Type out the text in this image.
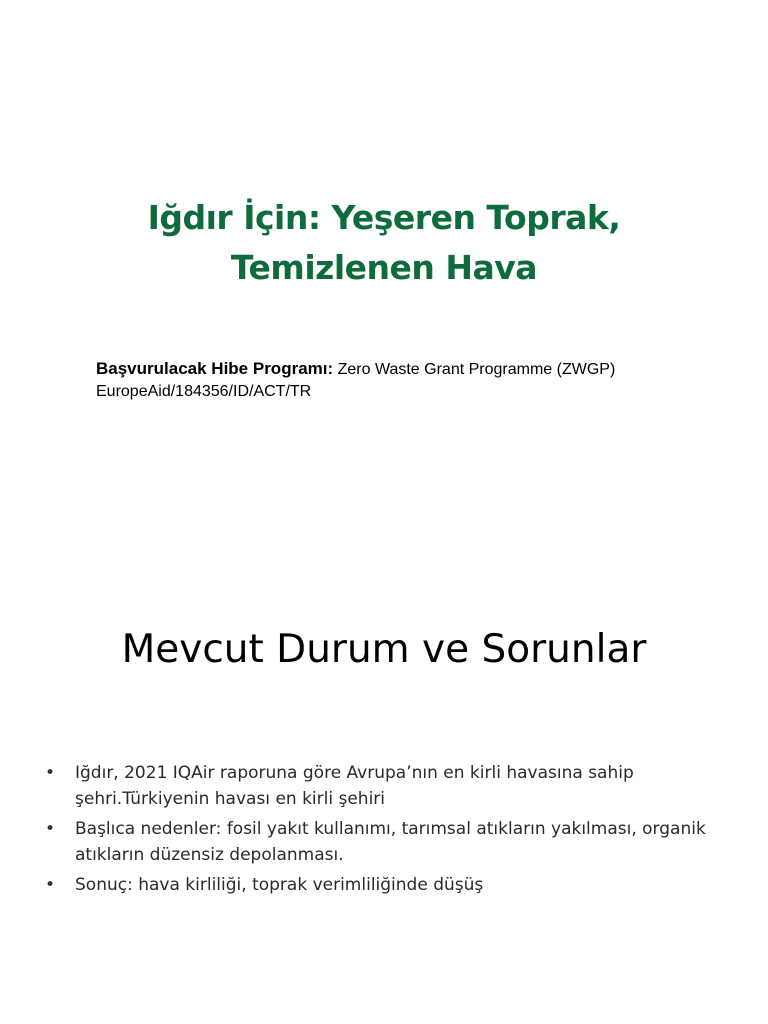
Iğdır İçin: Yeşeren Toprak,
Temizlenen Hava
Başvurulacak Hibe Programı: Zero Waste Grant Programme (ZWGP)
EuropeAid/184356/ID/ACT/TR
Mevcut Durum ve Sorunlar
• Iğdır, 2021 IQAir raporuna göre Avrupa’nın en kirli havasına sahip şehri.Türkiyenin havası en kirli şehiri
• Başlıca nedenler: fosil yakıt kullanımı, tarımsal atıkların yakılması, organik atıkların düzensiz depolanması.
• Sonuç: hava kirliliği, toprak verimliliğinde düşüş
